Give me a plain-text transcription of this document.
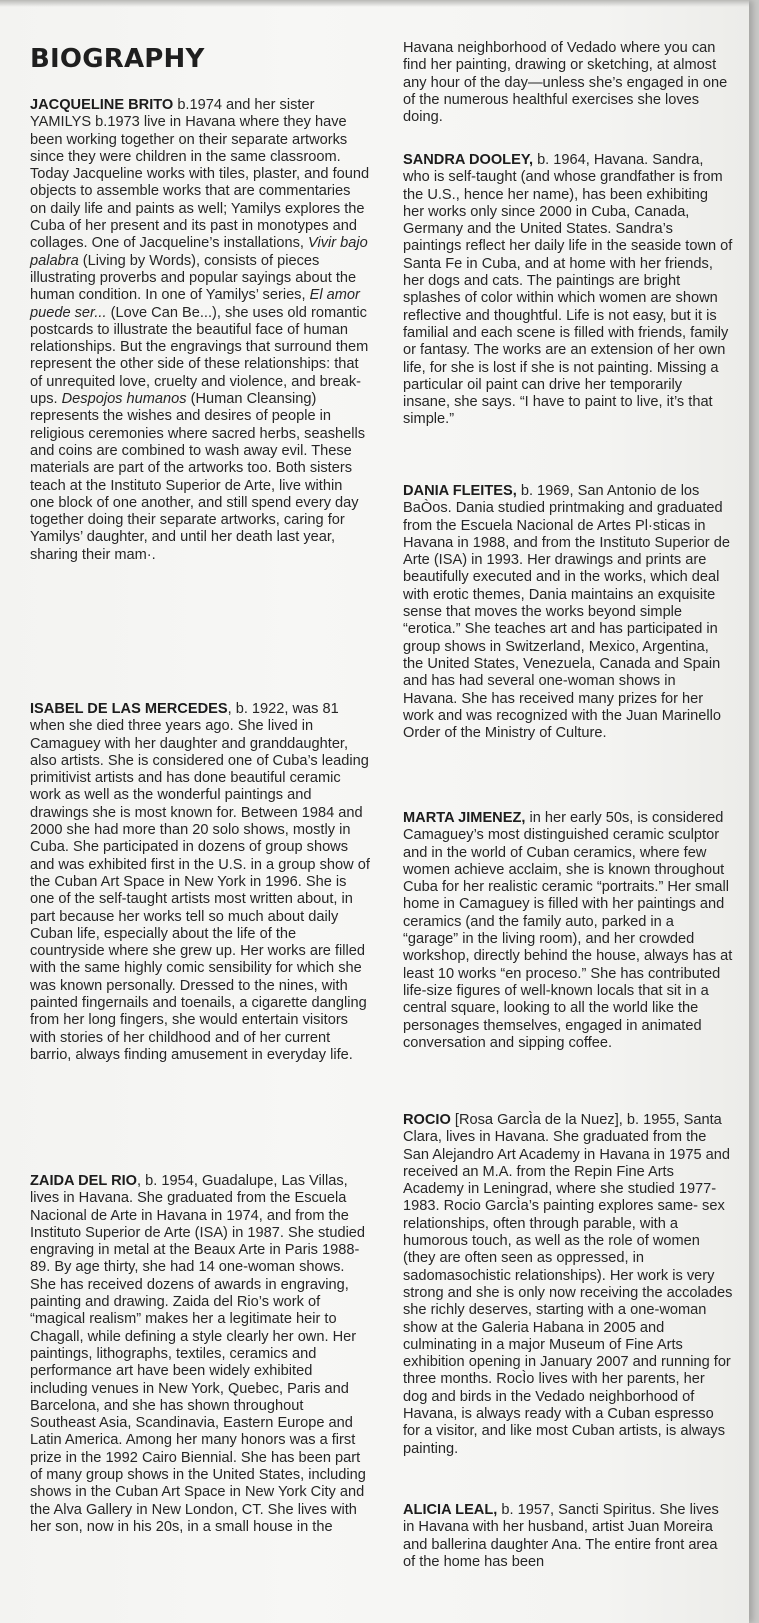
BIOGRAPHY

JACQUELINE BRITO b.1974 and her sister YAMILYS b.1973 live in Havana where they have been working together on their separate artworks since they were children in the same classroom. Today Jacqueline works with tiles, plaster, and found objects to assemble works that are commentaries on daily life and paints as well; Yamilys explores the Cuba of her present and its past in monotypes and collages. One of Jacqueline’s installations, Vivir bajo palabra (Living by Words), consists of pieces illustrating proverbs and popular sayings about the human condition. In one of Yamilys’ series, El amor puede ser... (Love Can Be...), she uses old romantic postcards to illustrate the beautiful face of human relationships. But the engravings that surround them represent the other side of these relationships: that of unrequited love, cruelty and violence, and break-ups. Despojos humanos (Human Cleansing) represents the wishes and desires of people in religious ceremonies where sacred herbs, seashells and coins are combined to wash away evil. These materials are part of the artworks too. Both sisters teach at the Instituto Superior de Arte, live within one block of one another, and still spend every day together doing their separate artworks, caring for Yamilys’ daughter, and until her death last year, sharing their mam·.

ISABEL DE LAS MERCEDES, b. 1922, was 81 when she died three years ago. She lived in Camaguey with her daughter and granddaughter, also artists. She is considered one of Cuba’s leading primitivist artists and has done beautiful ceramic work as well as the wonderful paintings and drawings she is most known for. Between 1984 and 2000 she had more than 20 solo shows, mostly in Cuba. She participated in dozens of group shows and was exhibited first in the U.S. in a group show of the Cuban Art Space in New York in 1996. She is one of the self-taught artists most written about, in part because her works tell so much about daily Cuban life, especially about the life of the countryside where she grew up. Her works are filled with the same highly comic sensibility for which she was known personally. Dressed to the nines, with painted fingernails and toenails, a cigarette dangling from her long fingers, she would entertain visitors with stories of her childhood and of her current barrio, always finding amusement in everyday life.

ZAIDA DEL RIO, b. 1954, Guadalupe, Las Villas, lives in Havana. She graduated from the Escuela Nacional de Arte in Havana in 1974, and from the Instituto Superior de Arte (ISA) in 1987. She studied engraving in metal at the Beaux Arte in Paris 1988-89. By age thirty, she had 14 one-woman shows. She has received dozens of awards in engraving, painting and drawing. Zaida del Rio’s work of “magical realism” makes her a legitimate heir to Chagall, while defining a style clearly her own. Her paintings, lithographs, textiles, ceramics and performance art have been widely exhibited including venues in New York, Quebec, Paris and Barcelona, and she has shown throughout Southeast Asia, Scandinavia, Eastern Europe and Latin America. Among her many honors was a first prize in the 1992 Cairo Biennial. She has been part of many group shows in the United States, including shows in the Cuban Art Space in New York City and the Alva Gallery in New London, CT. She lives with her son, now in his 20s, in a small house in the

Havana neighborhood of Vedado where you can find her painting, drawing or sketching, at almost any hour of the day—unless she’s engaged in one of the numerous healthful exercises she loves doing.

SANDRA DOOLEY, b. 1964, Havana. Sandra, who is self-taught (and whose grandfather is from the U.S., hence her name), has been exhibiting her works only since 2000 in Cuba, Canada, Germany and the United States. Sandra’s paintings reflect her daily life in the seaside town of Santa Fe in Cuba, and at home with her friends, her dogs and cats. The paintings are bright splashes of color within which women are shown reflective and thoughtful. Life is not easy, but it is familial and each scene is filled with friends, family or fantasy. The works are an extension of her own life, for she is lost if she is not painting. Missing a particular oil paint can drive her temporarily insane, she says. “I have to paint to live, it’s that simple.”

DANIA FLEITES, b. 1969, San Antonio de los BaÒos. Dania studied printmaking and graduated from the Escuela Nacional de Artes Pl·sticas in Havana in 1988, and from the Instituto Superior de Arte (ISA) in 1993. Her drawings and prints are beautifully executed and in the works, which deal with erotic themes, Dania maintains an exquisite sense that moves the works beyond simple “erotica.” She teaches art and has participated in group shows in Switzerland, Mexico, Argentina, the United States, Venezuela, Canada and Spain and has had several one-woman shows in Havana. She has received many prizes for her work and was recognized with the Juan Marinello Order of the Ministry of Culture.

MARTA JIMENEZ, in her early 50s, is considered Camaguey’s most distinguished ceramic sculptor and in the world of Cuban ceramics, where few women achieve acclaim, she is known throughout Cuba for her realistic ceramic “portraits.” Her small home in Camaguey is filled with her paintings and ceramics (and the family auto, parked in a “garage” in the living room), and her crowded workshop, directly behind the house, always has at least 10 works “en proceso.” She has contributed life-size figures of well-known locals that sit in a central square, looking to all the world like the personages themselves, engaged in animated conversation and sipping coffee.

ROCIO [Rosa GarcÌa de la Nuez], b. 1955, Santa Clara, lives in Havana. She graduated from the San Alejandro Art Academy in Havana in 1975 and received an M.A. from the Repin Fine Arts Academy in Leningrad, where she studied 1977-1983. Rocio GarcÌa’s painting explores same- sex relationships, often through parable, with a humorous touch, as well as the role of women (they are often seen as oppressed, in sadomasochistic relationships). Her work is very strong and she is only now receiving the accolades she richly deserves, starting with a one-woman show at the Galeria Habana in 2005 and culminating in a major Museum of Fine Arts exhibition opening in January 2007 and running for three months. RocÌo lives with her parents, her dog and birds in the Vedado neighborhood of Havana, is always ready with a Cuban espresso for a visitor, and like most Cuban artists, is always painting.

ALICIA LEAL, b. 1957, Sancti Spiritus. She lives in Havana with her husband, artist Juan Moreira and ballerina daughter Ana. The entire front area of the home has been
